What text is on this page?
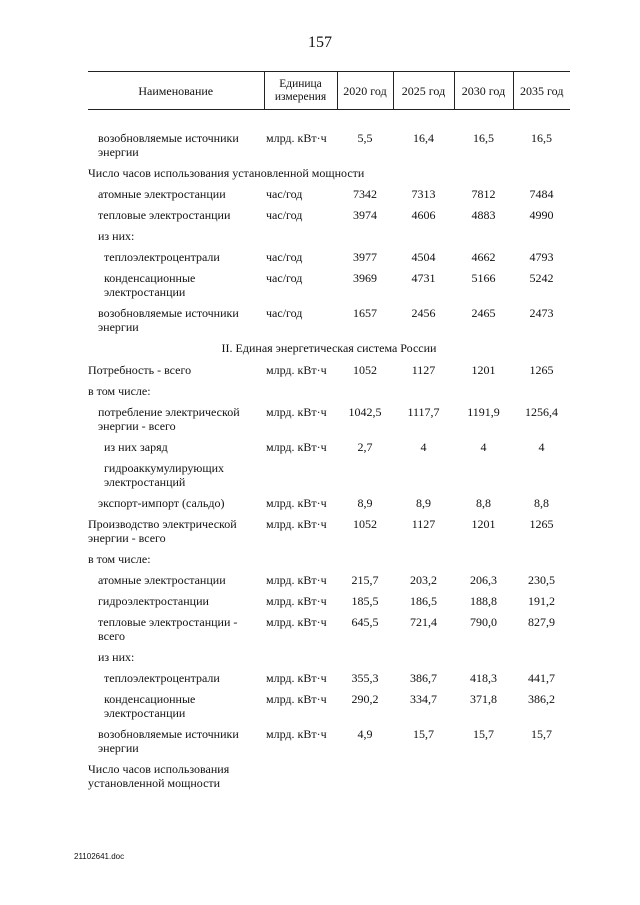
157
Наименование	Единица измерения	2020 год	2025 год	2030 год	2035 год

возобновляемые источники энергии	млрд. кВт·ч	5,5	16,4	16,5	16,5
Число часов использования установленной мощности					
атомные электростанции	час/год	7342	7313	7812	7484
тепловые электростанции	час/год	3974	4606	4883	4990
из них:					
теплоэлектроцентрали	час/год	3977	4504	4662	4793
конденсационные электростанции	час/год	3969	4731	5166	5242
возобновляемые источники энергии	час/год	1657	2456	2465	2473
II. Единая энергетическая система России					
Потребность - всего	млрд. кВт·ч	1052	1127	1201	1265
в том числе:					
потребление электрической энергии - всего	млрд. кВт·ч	1042,5	1117,7	1191,9	1256,4
из них заряд	млрд. кВт·ч	2,7	4	4	4
гидроаккумулирующих электростанций					
экспорт-импорт (сальдо)	млрд. кВт·ч	8,9	8,9	8,8	8,8
Производство электрической энергии - всего	млрд. кВт·ч	1052	1127	1201	1265
в том числе:					
атомные электростанции	млрд. кВт·ч	215,7	203,2	206,3	230,5
гидроэлектростанции	млрд. кВт·ч	185,5	186,5	188,8	191,2
тепловые электростанции - всего	млрд. кВт·ч	645,5	721,4	790,0	827,9
из них:					
теплоэлектроцентрали	млрд. кВт·ч	355,3	386,7	418,3	441,7
конденсационные электростанции	млрд. кВт·ч	290,2	334,7	371,8	386,2
возобновляемые источники энергии	млрд. кВт·ч	4,9	15,7	15,7	15,7
Число часов использования установленной мощности					
21102641.doc
